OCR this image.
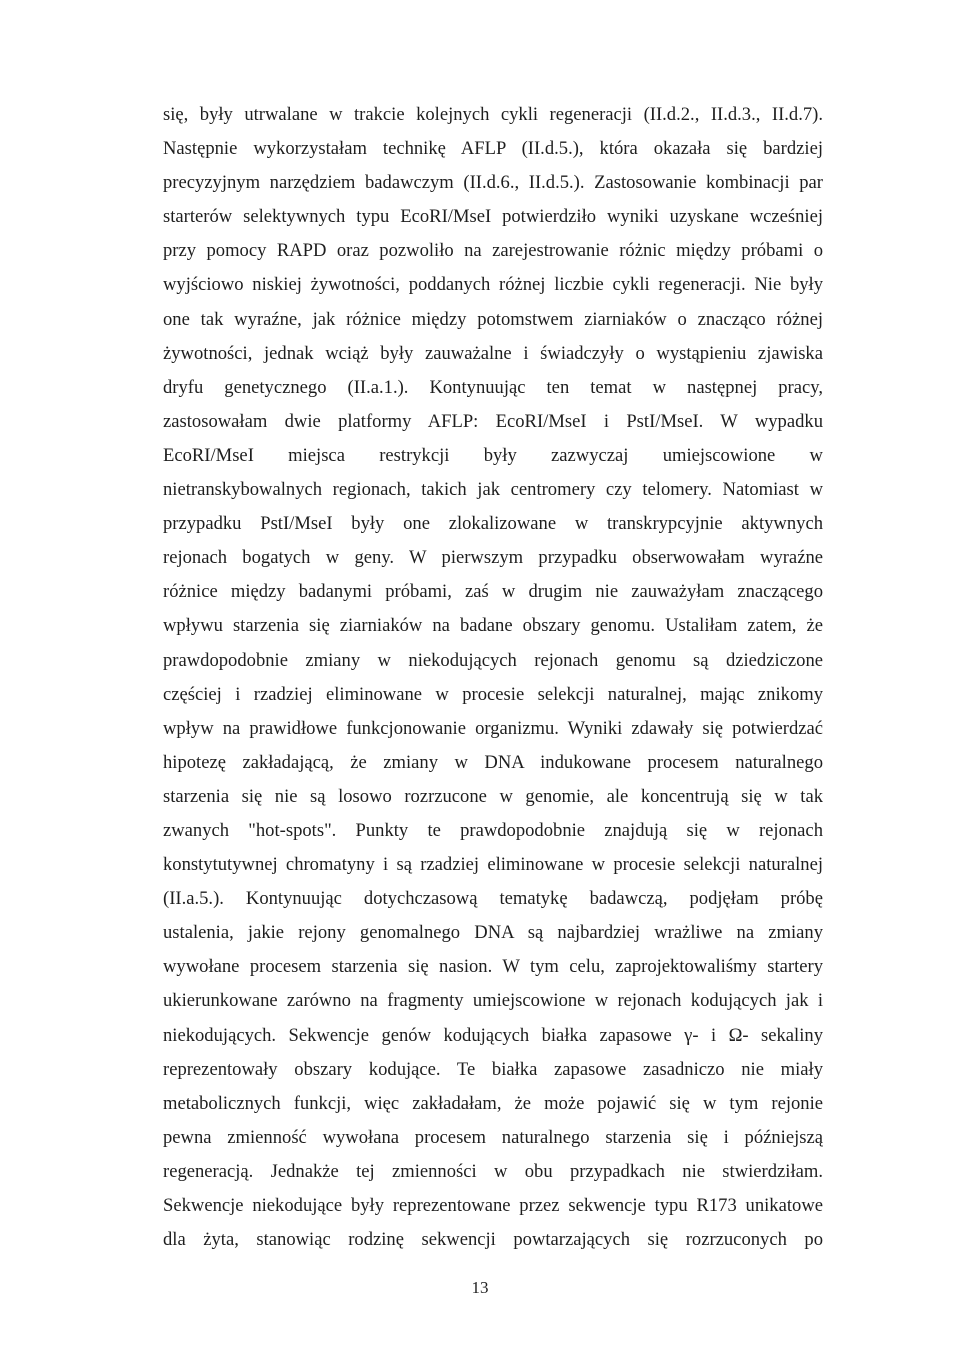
się, były utrwalane w trakcie kolejnych cykli regeneracji (II.d.2., II.d.3., II.d.7).
Następnie wykorzystałam technikę AFLP (II.d.5.), która okazała się bardziej
precyzyjnym narzędziem badawczym (II.d.6., II.d.5.). Zastosowanie kombinacji par
starterów selektywnych typu EcoRI/MseI potwierdziło wyniki uzyskane wcześniej
przy pomocy RAPD oraz pozwoliło na zarejestrowanie różnic między próbami o
wyjściowo niskiej żywotności, poddanych różnej liczbie cykli regeneracji. Nie były
one tak wyraźne, jak różnice między potomstwem ziarniaków o znacząco różnej
żywotności, jednak wciąż były zauważalne i świadczyły o wystąpieniu zjawiska
dryfu genetycznego (II.a.1.). Kontynuując ten temat w następnej pracy,
zastosowałam dwie platformy AFLP: EcoRI/MseI i PstI/MseI. W wypadku
EcoRI/MseI miejsca restrykcji były zazwyczaj umiejscowione w
nietranskybowalnych regionach, takich jak centromery czy telomery. Natomiast w
przypadku PstI/MseI były one zlokalizowane w transkrypcyjnie aktywnych
rejonach bogatych w geny. W pierwszym przypadku obserwowałam wyraźne
różnice między badanymi próbami, zaś w drugim nie zauważyłam znaczącego
wpływu starzenia się ziarniaków na badane obszary genomu. Ustaliłam zatem, że
prawdopodobnie zmiany w niekodujących rejonach genomu są dziedziczone
częściej i rzadziej eliminowane w procesie selekcji naturalnej, mając znikomy
wpływ na prawidłowe funkcjonowanie organizmu. Wyniki zdawały się potwierdzać
hipotezę zakładającą, że zmiany w DNA indukowane procesem naturalnego
starzenia się nie są losowo rozrzucone w genomie, ale koncentrują się w tak
zwanych "hot-spots". Punkty te prawdopodobnie znajdują się w rejonach
konstytutywnej chromatyny i są rzadziej eliminowane w procesie selekcji naturalnej
(II.a.5.). Kontynuując dotychczasową tematykę badawczą, podjęłam próbę
ustalenia, jakie rejony genomalnego DNA są najbardziej wrażliwe na zmiany
wywołane procesem starzenia się nasion. W tym celu, zaprojektowaliśmy startery
ukierunkowane zarówno na fragmenty umiejscowione w rejonach kodujących jak i
niekodujących. Sekwencje genów kodujących białka zapasowe γ- i Ω- sekaliny
reprezentowały obszary kodujące. Te białka zapasowe zasadniczo nie miały
metabolicznych funkcji, więc zakładałam, że może pojawić się w tym rejonie
pewna zmienność wywołana procesem naturalnego starzenia się i późniejszą
regeneracją. Jednakże tej zmienności w obu przypadkach nie stwierdziłam.
Sekwencje niekodujące były reprezentowane przez sekwencje typu R173 unikatowe
dla żyta, stanowiąc rodzinę sekwencji powtarzających się rozrzuconych po
13
